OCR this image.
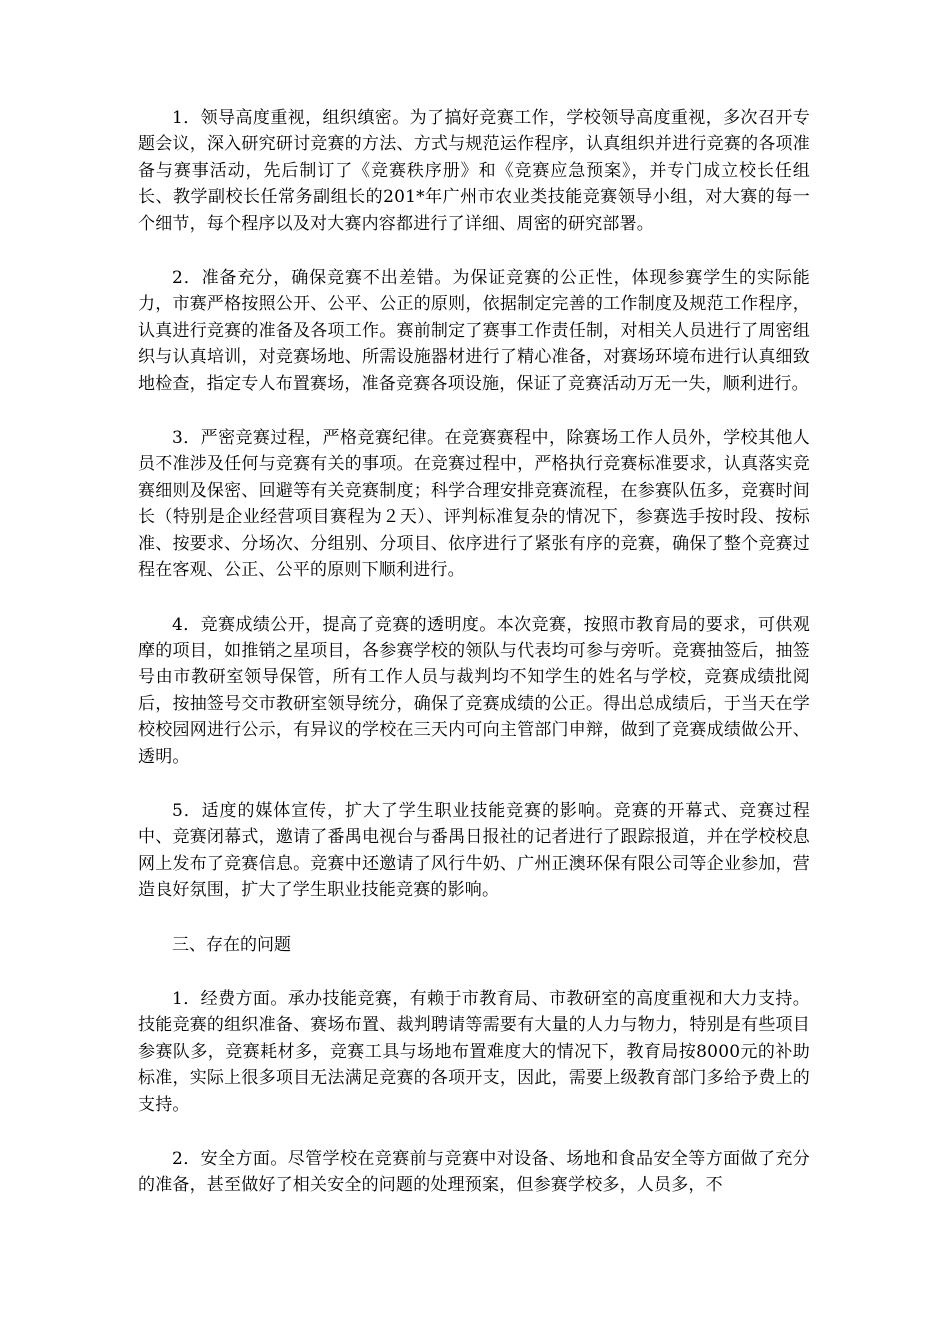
1．领导高度重视，组织缜密。为了搞好竞赛工作，学校领导高度重视，多次召开专题会议，深入研究研讨竞赛的方法、方式与规范运作程序，认真组织并进行竞赛的各项准备与赛事活动，先后制订了《竞赛秩序册》和《竞赛应急预案》，并专门成立校长任组长、教学副校长任常务副组长的201*年广州市农业类技能竞赛领导小组，对大赛的每一个细节，每个程序以及对大赛内容都进行了详细、周密的研究部署。

2．准备充分，确保竞赛不出差错。为保证竞赛的公正性，体现参赛学生的实际能力，市赛严格按照公开、公平、公正的原则，依据制定完善的工作制度及规范工作程序，认真进行竞赛的准备及各项工作。赛前制定了赛事工作责任制，对相关人员进行了周密组织与认真培训，对竞赛场地、所需设施器材进行了精心准备，对赛场环境布进行认真细致地检查，指定专人布置赛场，准备竞赛各项设施，保证了竞赛活动万无一失，顺利进行。

3．严密竞赛过程，严格竞赛纪律。在竞赛赛程中，除赛场工作人员外，学校其他人员不准涉及任何与竞赛有关的事项。在竞赛过程中，严格执行竞赛标准要求，认真落实竞赛细则及保密、回避等有关竞赛制度；科学合理安排竞赛流程，在参赛队伍多，竞赛时间长（特别是企业经营项目赛程为２天）、评判标准复杂的情况下，参赛选手按时段、按标准、按要求、分场次、分组别、分项目、依序进行了紧张有序的竞赛，确保了整个竞赛过程在客观、公正、公平的原则下顺利进行。

4．竞赛成绩公开，提高了竞赛的透明度。本次竞赛，按照市教育局的要求，可供观摩的项目，如推销之星项目，各参赛学校的领队与代表均可参与旁听。竞赛抽签后，抽签号由市教研室领导保管，所有工作人员与裁判均不知学生的姓名与学校，竞赛成绩批阅后，按抽签号交市教研室领导统分，确保了竞赛成绩的公正。得出总成绩后，于当天在学校校园网进行公示，有异议的学校在三天内可向主管部门申辩，做到了竞赛成绩做公开、透明。

5．适度的媒体宣传，扩大了学生职业技能竞赛的影响。竞赛的开幕式、竞赛过程中、竞赛闭幕式，邀请了番禺电视台与番禺日报社的记者进行了跟踪报道，并在学校校息网上发布了竞赛信息。竞赛中还邀请了风行牛奶、广州正澳环保有限公司等企业参加，营造良好氛围，扩大了学生职业技能竞赛的影响。

三、存在的问题

1．经费方面。承办技能竞赛，有赖于市教育局、市教研室的高度重视和大力支持。技能竞赛的组织准备、赛场布置、裁判聘请等需要有大量的人力与物力，特别是有些项目参赛队多，竞赛耗材多，竞赛工具与场地布置难度大的情况下，教育局按8000元的补助标准，实际上很多项目无法满足竞赛的各项开支，因此，需要上级教育部门多给予费上的支持。

2．安全方面。尽管学校在竞赛前与竞赛中对设备、场地和食品安全等方面做了充分的准备，甚至做好了相关安全的问题的处理预案，但参赛学校多，人员多，不
